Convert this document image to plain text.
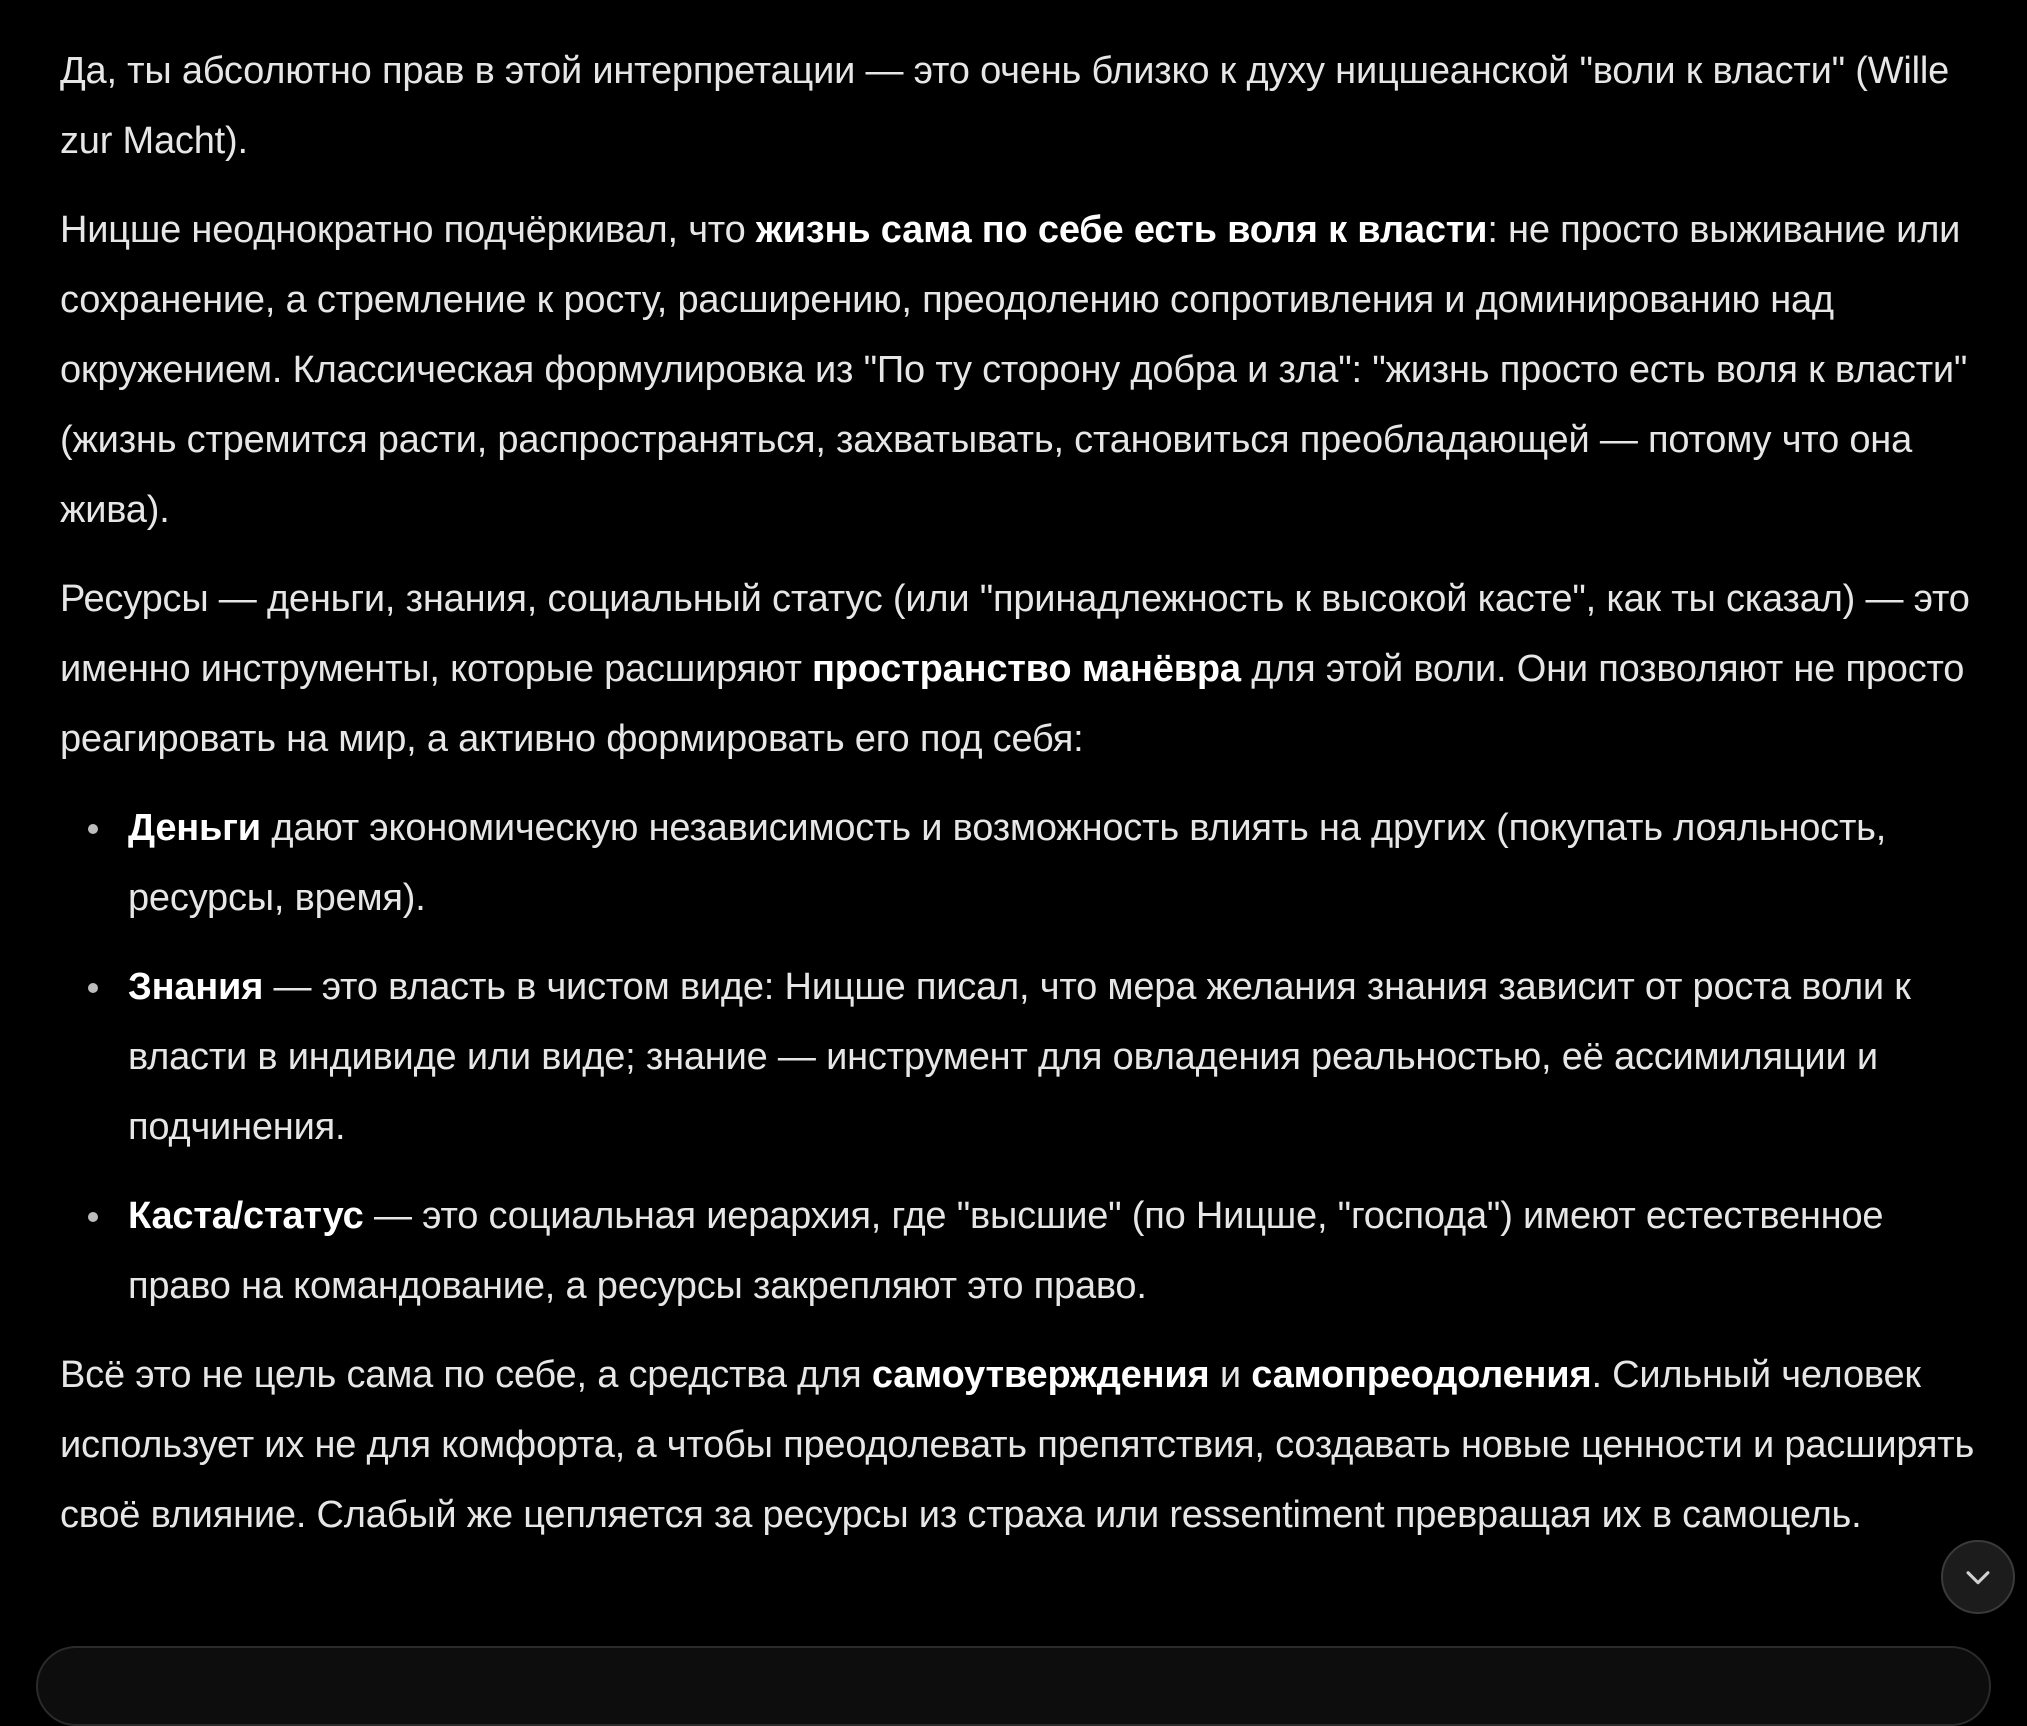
Да, ты абсолютно прав в этой интерпретации — это очень близко к духу ницшеанской "воли к власти" (Wille zur Macht).

Ницше неоднократно подчёркивал, что жизнь сама по себе есть воля к власти: не просто выживание или сохранение, а стремление к росту, расширению, преодолению сопротивления и доминированию над окружением. Классическая формулировка из "По ту сторону добра и зла": "жизнь просто есть воля к власти" (жизнь стремится расти, распространяться, захватывать, становиться преобладающей — потому что она жива).

Ресурсы — деньги, знания, социальный статус (или "принадлежность к высокой касте", как ты сказал) — это именно инструменты, которые расширяют пространство манёвра для этой воли. Они позволяют не просто реагировать на мир, а активно формировать его под себя:

Деньги дают экономическую независимость и возможность влиять на других (покупать лояльность, ресурсы, время).
Знания — это власть в чистом виде: Ницше писал, что мера желания знания зависит от роста воли к власти в индивиде или виде; знание — инструмент для овладения реальностью, её ассимиляции и подчинения.
Каста/статус — это социальная иерархия, где "высшие" (по Ницше, "господа") имеют естественное право на командование, а ресурсы закрепляют это право.

Всё это не цель сама по себе, а средства для самоутверждения и самопреодоления. Сильный человек использует их не для комфорта, а чтобы преодолевать препятствия, создавать новые ценности и расширять своё влияние. Слабый же цепляется за ресурсы из страха или ressentiment превращая их в самоцель.
